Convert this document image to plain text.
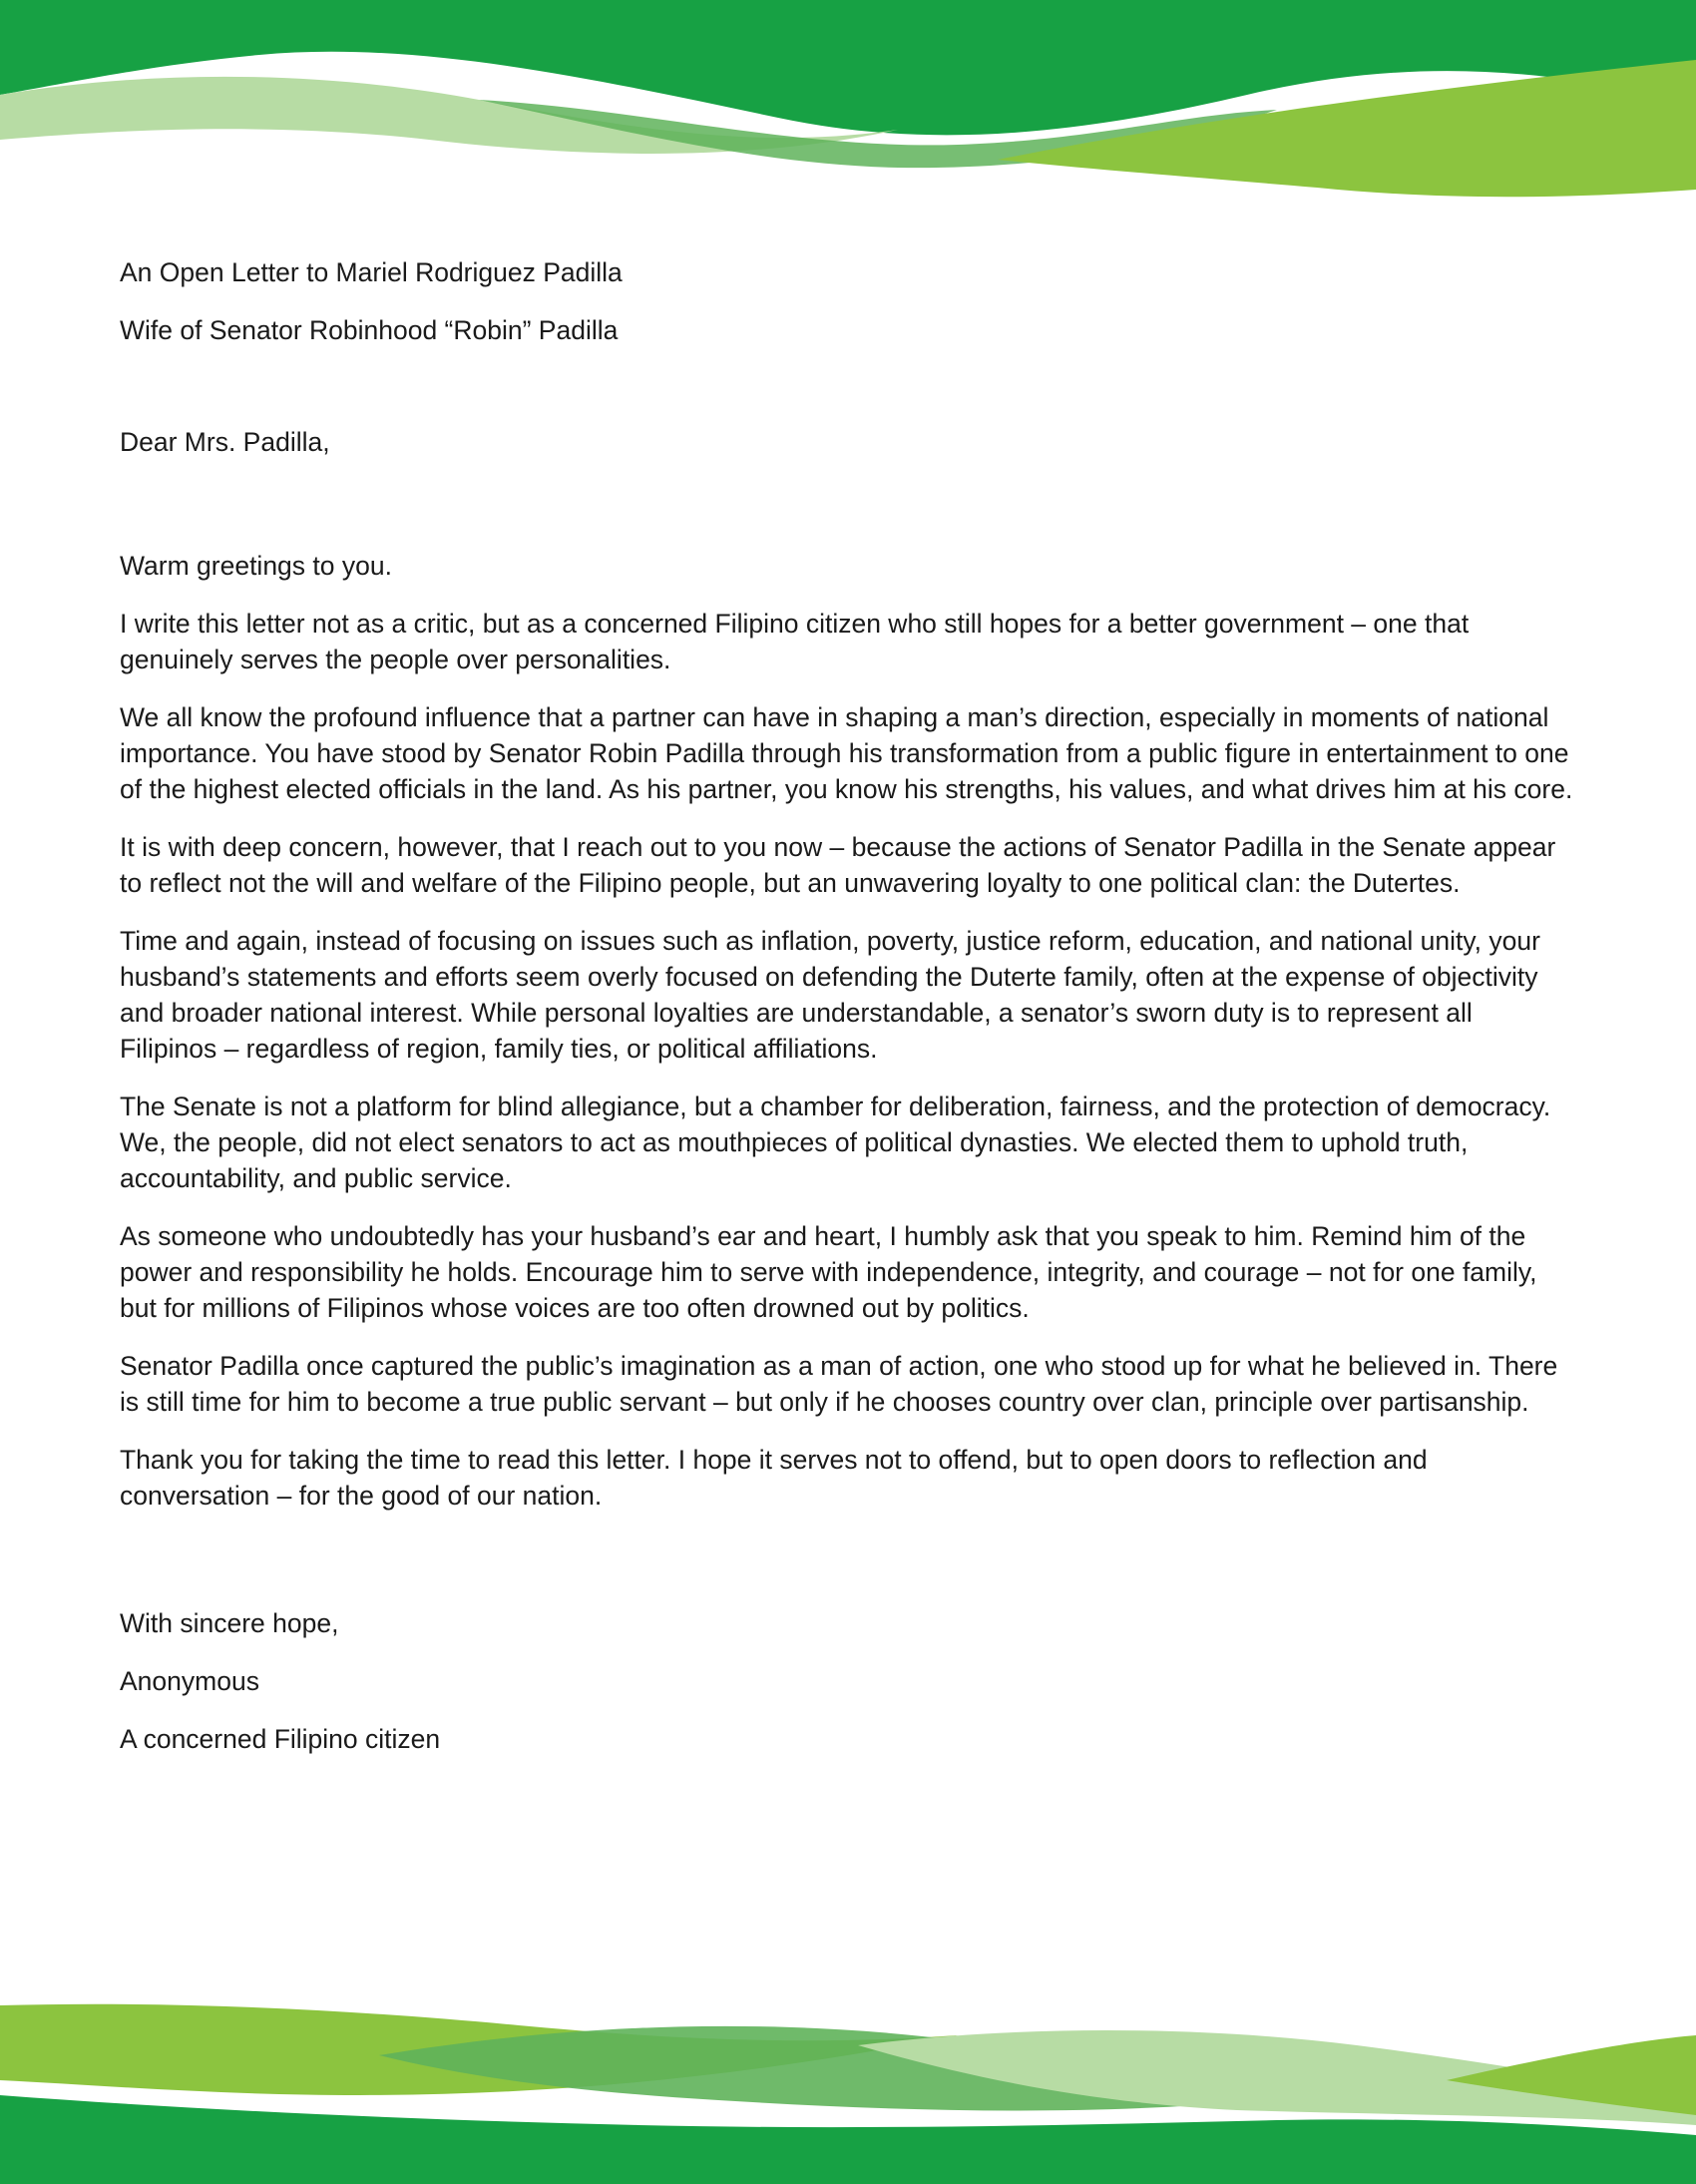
An Open Letter to Mariel Rodriguez Padilla

Wife of Senator Robinhood “Robin” Padilla

Dear Mrs. Padilla,

Warm greetings to you.

I write this letter not as a critic, but as a concerned Filipino citizen who still hopes for a better government – one that genuinely serves the people over personalities.

We all know the profound influence that a partner can have in shaping a man’s direction, especially in moments of national importance. You have stood by Senator Robin Padilla through his transformation from a public figure in entertainment to one of the highest elected officials in the land. As his partner, you know his strengths, his values, and what drives him at his core.

It is with deep concern, however, that I reach out to you now – because the actions of Senator Padilla in the Senate appear to reflect not the will and welfare of the Filipino people, but an unwavering loyalty to one political clan: the Dutertes.

Time and again, instead of focusing on issues such as inflation, poverty, justice reform, education, and national unity, your husband’s statements and efforts seem overly focused on defending the Duterte family, often at the expense of objectivity and broader national interest. While personal loyalties are understandable, a senator’s sworn duty is to represent all Filipinos – regardless of region, family ties, or political affiliations.

The Senate is not a platform for blind allegiance, but a chamber for deliberation, fairness, and the protection of democracy. We, the people, did not elect senators to act as mouthpieces of political dynasties. We elected them to uphold truth, accountability, and public service.

As someone who undoubtedly has your husband’s ear and heart, I humbly ask that you speak to him. Remind him of the power and responsibility he holds. Encourage him to serve with independence, integrity, and courage – not for one family, but for millions of Filipinos whose voices are too often drowned out by politics.

Senator Padilla once captured the public’s imagination as a man of action, one who stood up for what he believed in. There is still time for him to become a true public servant – but only if he chooses country over clan, principle over partisanship.

Thank you for taking the time to read this letter. I hope it serves not to offend, but to open doors to reflection and conversation – for the good of our nation.

With sincere hope,

Anonymous

A concerned Filipino citizen
